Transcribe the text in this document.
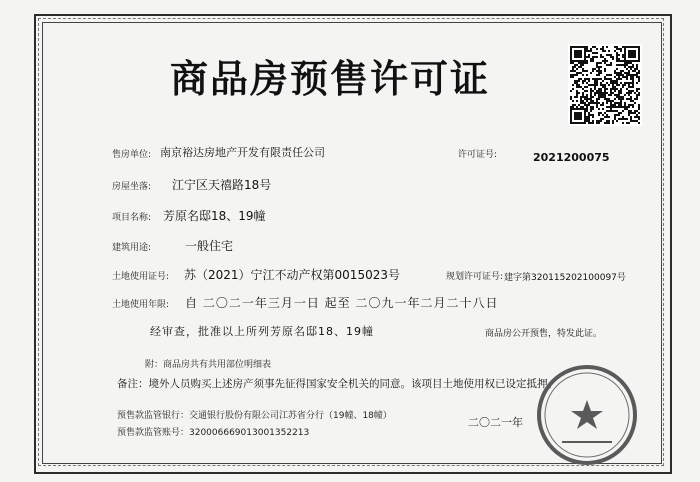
商品房预售许可证
售房单位: 南京裕达房地产开发有限责任公司	许可证号:	2021200075
房屋坐落: 江宁区天禧路18号
项目名称: 芳原名邸18、19幢
建筑用途:	一般住宅
土地使用证号: 苏（2021）宁江不动产权第0015023号	规划许可证号: 建字第320115202100097号
土地使用年限: 自 二〇二一年三月一日 起至 二〇九一年二月二十八日
经审查，批准以上所列芳原名邸18、19幢	商品房公开预售，特发此证。
附：商品房共有共用部位明细表
备注：境外人员购买上述房产须事先征得国家安全机关的同意。该项目土地使用权已设定抵押。
预售款监管银行：交通银行股份有限公司江苏省分行（19幢、18幢）
预售款监管账号：320006669013001352213
二〇二一年
